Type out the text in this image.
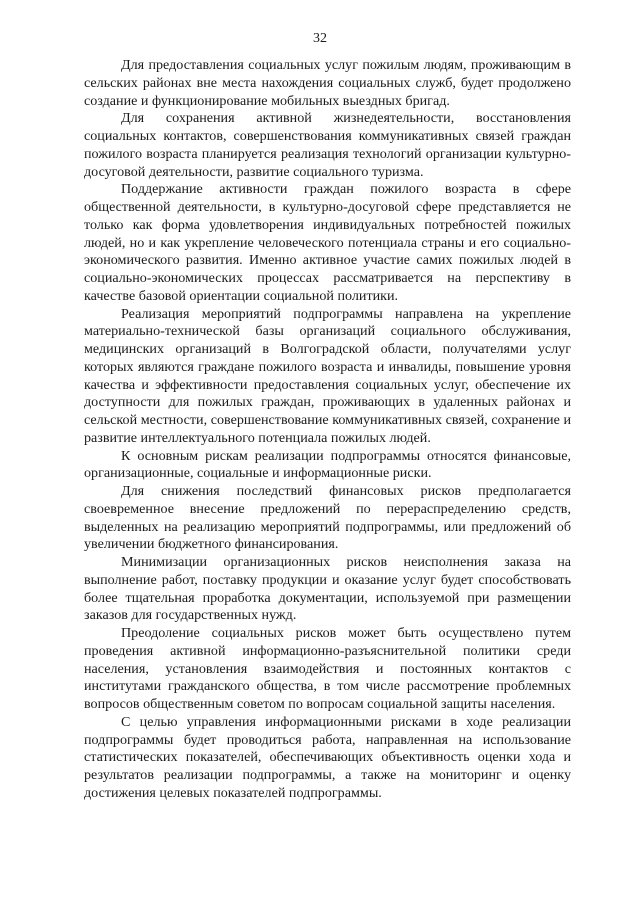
32

Для предоставления социальных услуг пожилым людям, проживающим в сельских районах вне места нахождения социальных служб, будет продолжено создание и функционирование мобильных выездных бригад.

Для сохранения активной жизнедеятельности, восстановления социальных контактов, совершенствования коммуникативных связей граждан пожилого возраста планируется реализация технологий организации культурно-досуговой деятельности, развитие социального туризма.

Поддержание активности граждан пожилого возраста в сфере общественной деятельности, в культурно-досуговой сфере представляется не только как форма удовлетворения индивидуальных потребностей пожилых людей, но и как укрепление человеческого потенциала страны и его социально-экономического развития. Именно активное участие самих пожилых людей в социально-экономических процессах рассматривается на перспективу в качестве базовой ориентации социальной политики.

Реализация мероприятий подпрограммы направлена на укрепление материально-технической базы организаций социального обслуживания, медицинских организаций в Волгоградской области, получателями услуг которых являются граждане пожилого возраста и инвалиды, повышение уровня качества и эффективности предоставления социальных услуг, обеспечение их доступности для пожилых граждан, проживающих в удаленных районах и сельской местности, совершенствование коммуникативных связей, сохранение и развитие интеллектуального потенциала пожилых людей.

К основным рискам реализации подпрограммы относятся финансовые, организационные, социальные и информационные риски.

Для снижения последствий финансовых рисков предполагается своевременное внесение предложений по перераспределению средств, выделенных на реализацию мероприятий подпрограммы, или предложений об увеличении бюджетного финансирования.

Минимизации организационных рисков неисполнения заказа на выполнение работ, поставку продукции и оказание услуг будет способствовать более тщательная проработка документации, используемой при размещении заказов для государственных нужд.

Преодоление социальных рисков может быть осуществлено путем проведения активной информационно-разъяснительной политики среди населения, установления взаимодействия и постоянных контактов с институтами гражданского общества, в том числе рассмотрение проблемных вопросов общественным советом по вопросам социальной защиты населения.

С целью управления информационными рисками в ходе реализации подпрограммы будет проводиться работа, направленная на использование статистических показателей, обеспечивающих объективность оценки хода и результатов реализации подпрограммы, а также на мониторинг и оценку достижения целевых показателей подпрограммы.
